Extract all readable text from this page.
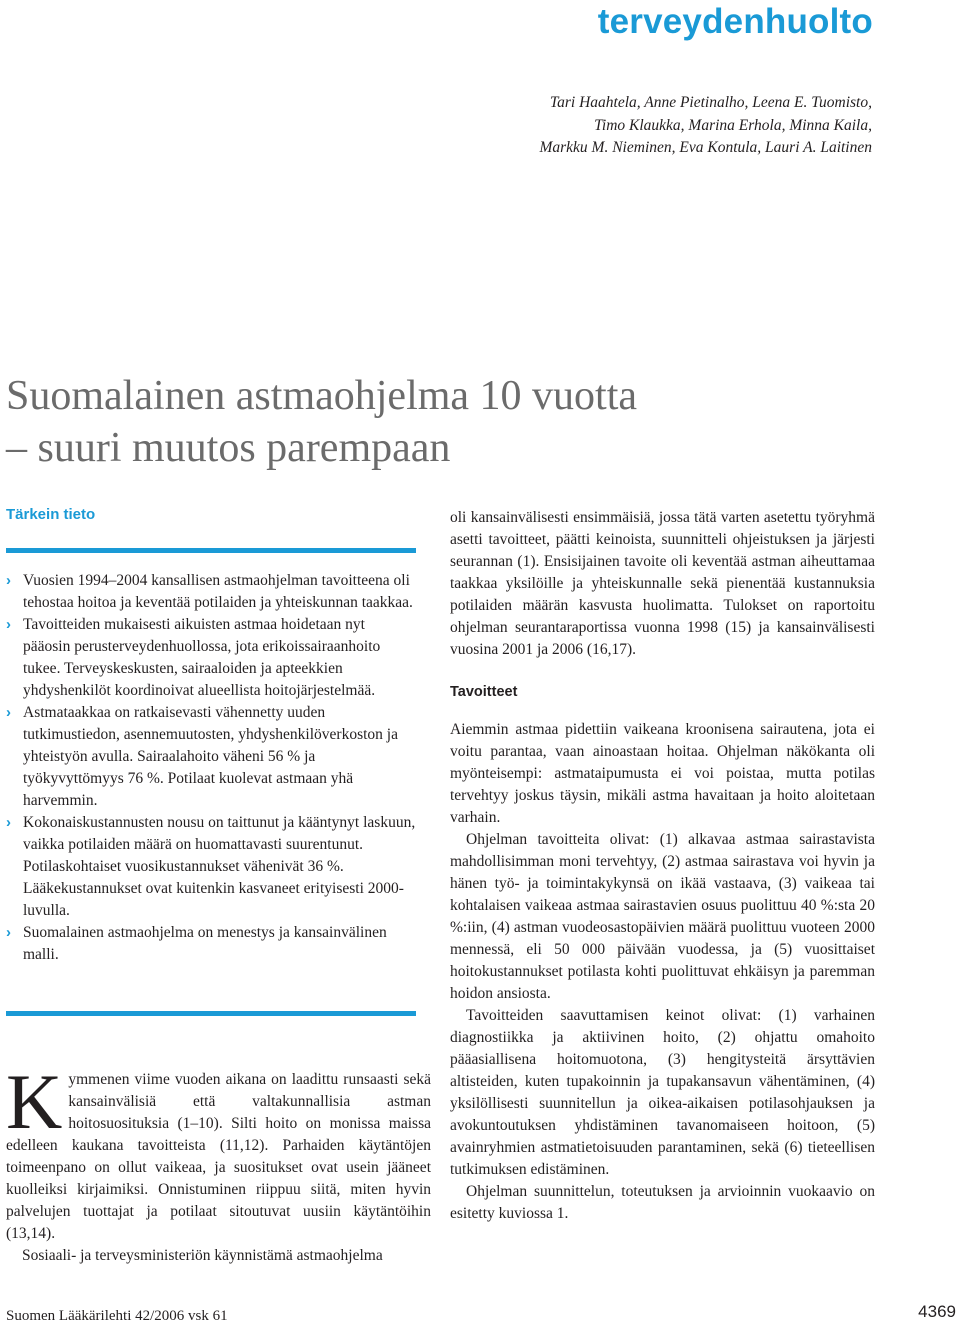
terveydenhuolto
Tari Haahtela, Anne Pietinalho, Leena E. Tuomisto,
Timo Klaukka, Marina Erhola, Minna Kaila,
Markku M. Nieminen, Eva Kontula, Lauri A. Laitinen
Suomalainen astmaohjelma 10 vuotta
– suuri muutos parempaan
Tärkein tieto
› Vuosien 1994–2004 kansallisen astmaohjelman tavoitteena oli tehostaa hoitoa ja keventää potilaiden ja yhteiskunnan taakkaa.
› Tavoitteiden mukaisesti aikuisten astmaa hoidetaan nyt pääosin perusterveydenhuollossa, jota erikoissairaanhoito tukee. Terveyskeskusten, sairaaloiden ja apteekkien yhdyshenkilöt koordinoivat alueellista hoitojärjestelmää.
› Astmataakkaa on ratkaisevasti vähennetty uuden tutkimustiedon, asennemuutosten, yhdyshenkilöverkoston ja yhteistyön avulla. Sairaalahoito väheni 56 % ja työkyvyttömyys 76 %. Potilaat kuolevat astmaan yhä harvemmin.
› Kokonaiskustannusten nousu on taittunut ja kääntynyt laskuun, vaikka potilaiden määrä on huomattavasti suurentunut. Potilaskohtaiset vuosikustannukset vähenivät 36 %. Lääkekustannukset ovat kuitenkin kasvaneet erityisesti 2000-luvulla.
› Suomalainen astmaohjelma on menestys ja kansainvälinen malli.

Kymmenen viime vuoden aikana on laadittu runsaasti sekä kansainvälisiä että valtakunnallisia astman hoitosuosituksia (1–10). Silti hoito on monissa maissa edelleen kaukana tavoitteista (11,12). Parhaiden käytäntöjen toimeenpano on ollut vaikeaa, ja suositukset ovat usein jääneet kuolleiksi kirjaimiksi. Onnistuminen riippuu siitä, miten hyvin palvelujen tuottajat ja potilaat sitoutuvat uusiin käytäntöihin (13,14).

Sosiaali- ja terveysministeriön käynnistämä astmaohjelma

oli kansainvälisesti ensimmäisiä, jossa tätä varten asetettu työryhmä asetti tavoitteet, päätti keinoista, suunnitteli ohjeistuksen ja järjesti seurannan (1). Ensisijainen tavoite oli keventää astman aiheuttamaa taakkaa yksilöille ja yhteiskunnalle sekä pienentää kustannuksia potilaiden määrän kasvusta huolimatta. Tulokset on raportoitu ohjelman seurantaraportissa vuonna 1998 (15) ja kansainvälisesti vuosina 2001 ja 2006 (16,17).

Tavoitteet

Aiemmin astmaa pidettiin vaikeana kroonisena sairautena, jota ei voitu parantaa, vaan ainoastaan hoitaa. Ohjelman näkökanta oli myönteisempi: astmataipumusta ei voi poistaa, mutta potilas tervehtyy joskus täysin, mikäli astma havaitaan ja hoito aloitetaan varhain.

Ohjelman tavoitteita olivat: (1) alkavaa astmaa sairastavista mahdollisimman moni tervehtyy, (2) astmaa sairastava voi hyvin ja hänen työ- ja toimintakykynsä on ikää vastaava, (3) vaikeaa tai kohtalaisen vaikeaa astmaa sairastavien osuus puolittuu 40 %:sta 20 %:iin, (4) astman vuodeosastopäivien määrä puolittuu vuoteen 2000 mennessä, eli 50 000 päivään vuodessa, ja (5) vuosittaiset hoitokustannukset potilasta kohti puolittuvat ehkäisyn ja paremman hoidon ansiosta.

Tavoitteiden saavuttamisen keinot olivat: (1) varhainen diagnostiikka ja aktiivinen hoito, (2) ohjattu omahoito pääasiallisena hoitomuotona, (3) hengitysteitä ärsyttävien altisteiden, kuten tupakoinnin ja tupakansavun vähentäminen, (4) yksilöllisesti suunnitellun ja oikea-aikaisen potilasohjauksen ja avokuntoutuksen yhdistäminen tavanomaiseen hoitoon, (5) avainryhmien astmatietoisuuden parantaminen, sekä (6) tieteellisen tutkimuksen edistäminen.

Ohjelman suunnittelun, toteutuksen ja arvioinnin vuokaavio on esitetty kuviossa 1.

Suomen Lääkärilehti 42/2006 vsk 61	4369
